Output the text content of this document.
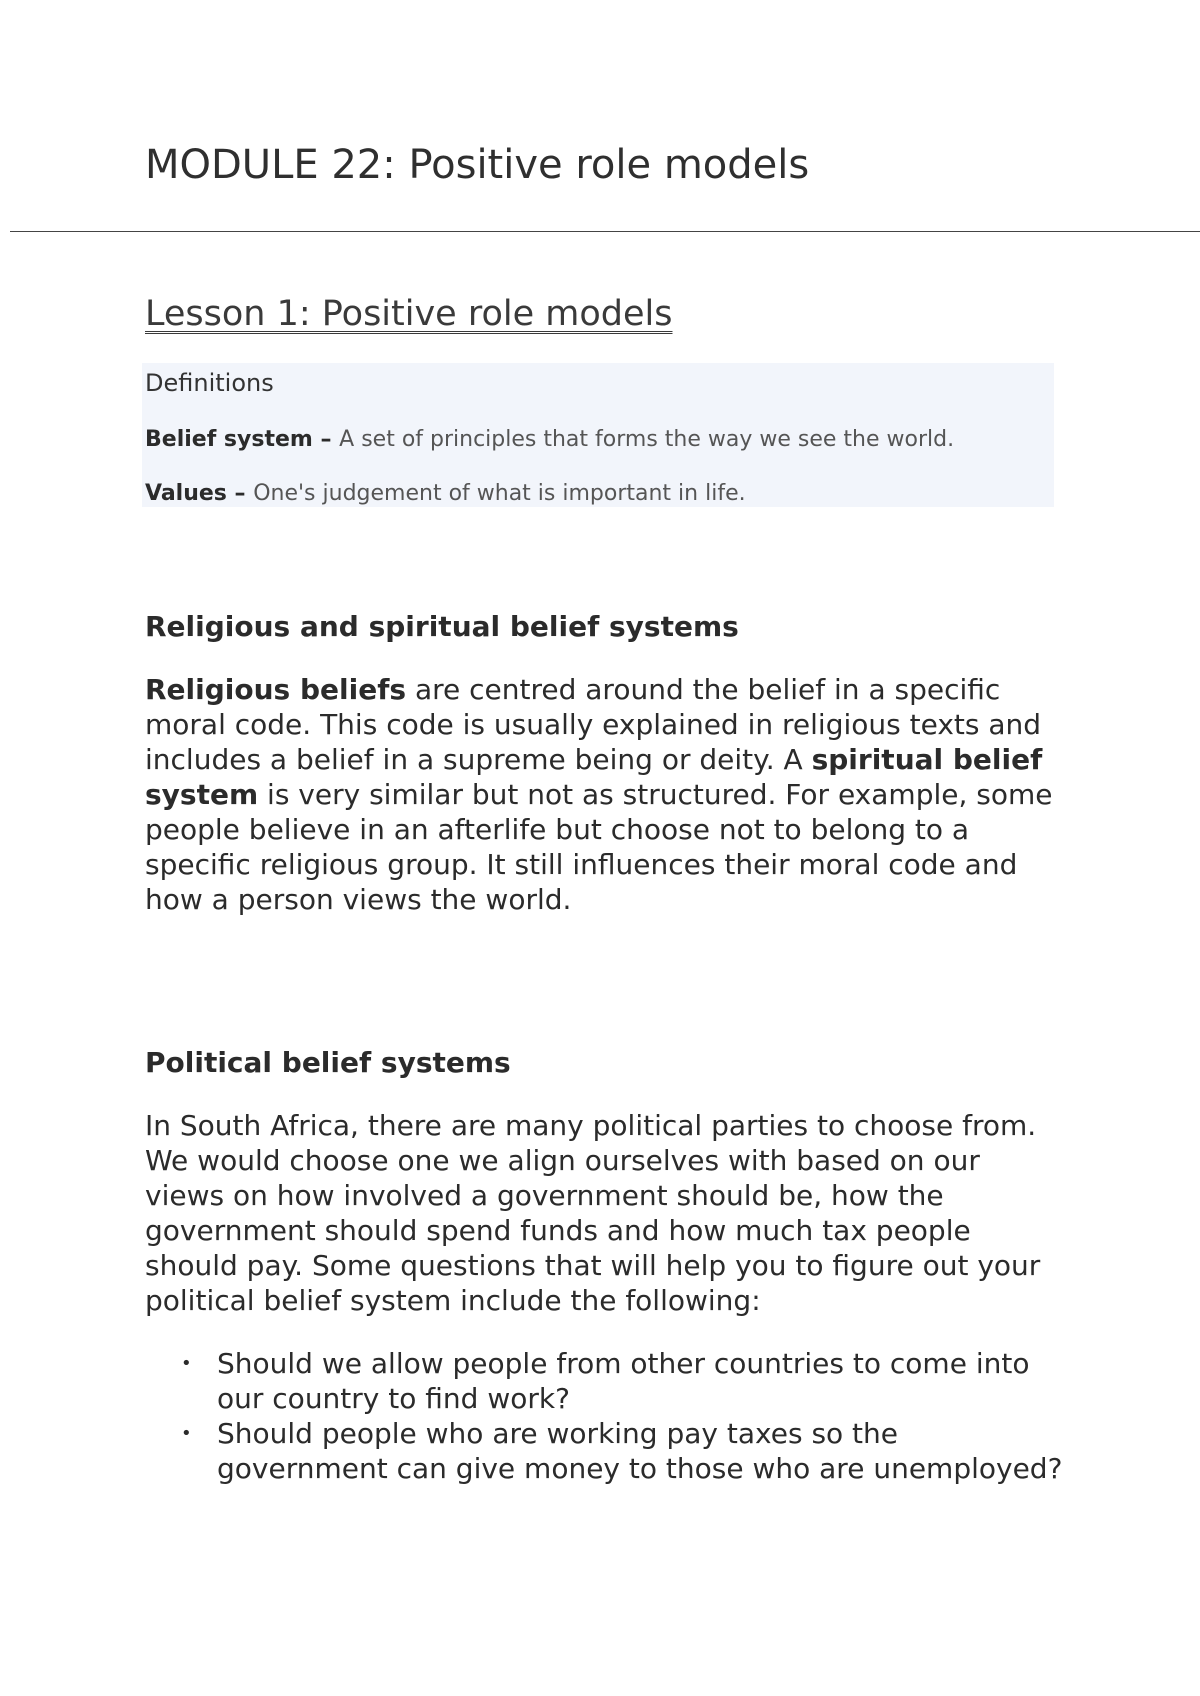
MODULE 22: Positive role models
Lesson 1: Positive role models
Definitions
Belief system – A set of principles that forms the way we see the world.
Values – One's judgement of what is important in life.
Religious and spiritual belief systems

Religious beliefs are centred around the belief in a specific moral code. This code is usually explained in religious texts and includes a belief in a supreme being or deity. A spiritual belief system is very similar but not as structured. For example, some people believe in an afterlife but choose not to belong to a specific religious group. It still influences their moral code and how a person views the world.

Political belief systems

In South Africa, there are many political parties to choose from. We would choose one we align ourselves with based on our views on how involved a government should be, how the government should spend funds and how much tax people should pay. Some questions that will help you to figure out your political belief system include the following:

• Should we allow people from other countries to come into our country to find work?
• Should people who are working pay taxes so the government can give money to those who are unemployed?
